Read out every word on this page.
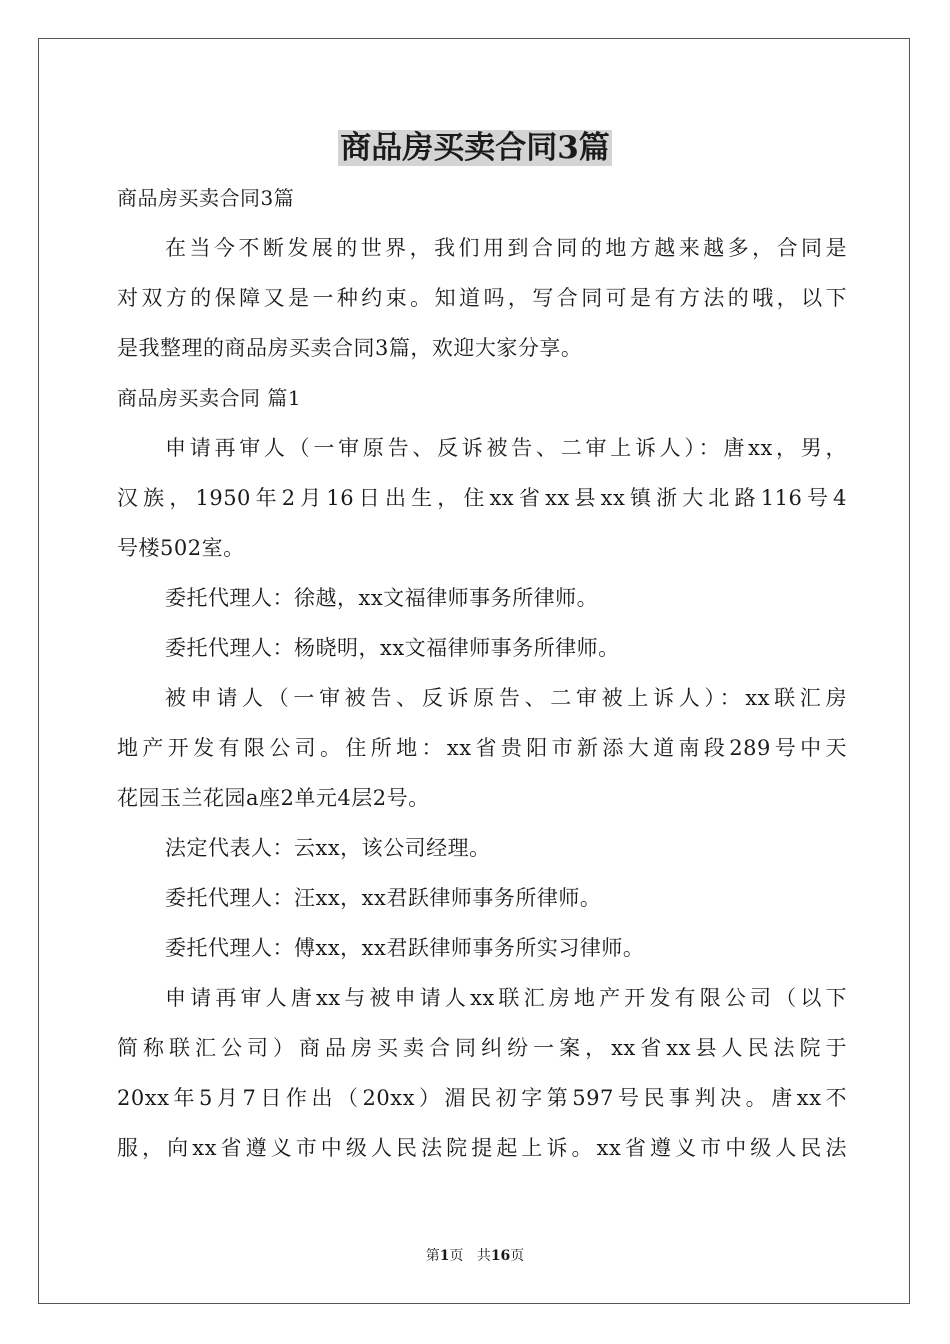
商品房买卖合同3篇
商品房买卖合同3篇
在当今不断发展的世界，我们用到合同的地方越来越多，合同是
对双方的保障又是一种约束。知道吗，写合同可是有方法的哦，以下
是我整理的商品房买卖合同3篇，欢迎大家分享。
商品房买卖合同 篇1
申请再审人（一审原告、反诉被告、二审上诉人）：唐xx，男，
汉族，1950年2月16日出生，住xx省xx县xx镇浙大北路116号4
号楼502室。
委托代理人：徐越，xx文福律师事务所律师。
委托代理人：杨晓明，xx文福律师事务所律师。
被申请人（一审被告、反诉原告、二审被上诉人）：xx联汇房
地产开发有限公司。住所地：xx省贵阳市新添大道南段289号中天
花园玉兰花园a座2单元4层2号。
法定代表人：云xx，该公司经理。
委托代理人：汪xx，xx君跃律师事务所律师。
委托代理人：傅xx，xx君跃律师事务所实习律师。
申请再审人唐xx与被申请人xx联汇房地产开发有限公司（以下
简称联汇公司）商品房买卖合同纠纷一案，xx省xx县人民法院于
20xx年5月7日作出（20xx）湄民初字第597号民事判决。唐xx不
服，向xx省遵义市中级人民法院提起上诉。xx省遵义市中级人民法
第1页 共16页
